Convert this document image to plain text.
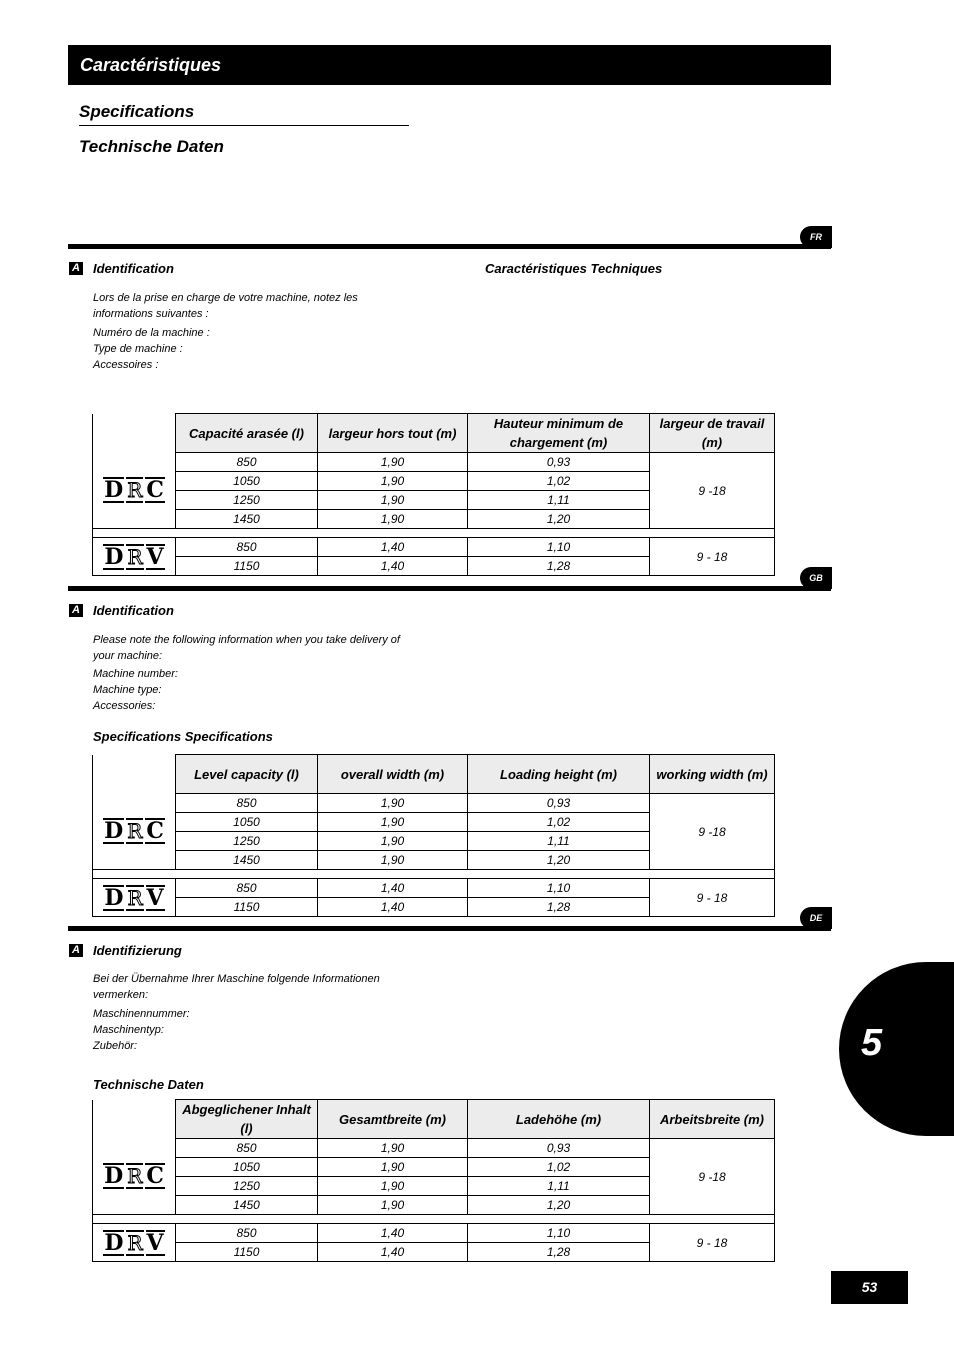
Caractéristiques
Specifications
Technische Daten
FR
A Identification	Caractéristiques Techniques
Lors de la prise en charge de votre machine, notez les informations suivantes :
Numéro de la machine :
Type de machine :
Accessoires :
	Capacité arasée (l)	largeur hors tout (m)	Hauteur minimum de chargement (m)	largeur de travail (m)

D R C	850	1,90	0,93	9 -18
	1050	1,90	1,02	
	1250	1,90	1,11	
	1450	1,90	1,20	

D R V	850	1,40	1,10	9 - 18
	1150	1,40	1,28	
GB
A Identification
Please note the following information when you take delivery of your machine:
Machine number:
Machine type:
Accessories:
Specifications Specifications
	Level capacity (l)	overall width (m)	Loading height (m)	working width (m)

D R C	850	1,90	0,93	9 -18
	1050	1,90	1,02	
	1250	1,90	1,11	
	1450	1,90	1,20	

D R V	850	1,40	1,10	9 - 18
	1150	1,40	1,28	
DE
A Identifizierung
Bei der Übernahme Ihrer Maschine folgende Informationen vermerken:
Maschinennummer:
Maschinentyp:
Zubehör:
Technische Daten
	Abgeglichener Inhalt (l)	Gesamtbreite (m)	Ladehöhe (m)	Arbeitsbreite (m)

D R C	850	1,90	0,93	9 -18
	1050	1,90	1,02	
	1250	1,90	1,11	
	1450	1,90	1,20	

D R V	850	1,40	1,10	9 - 18
	1150	1,40	1,28	
5
53
